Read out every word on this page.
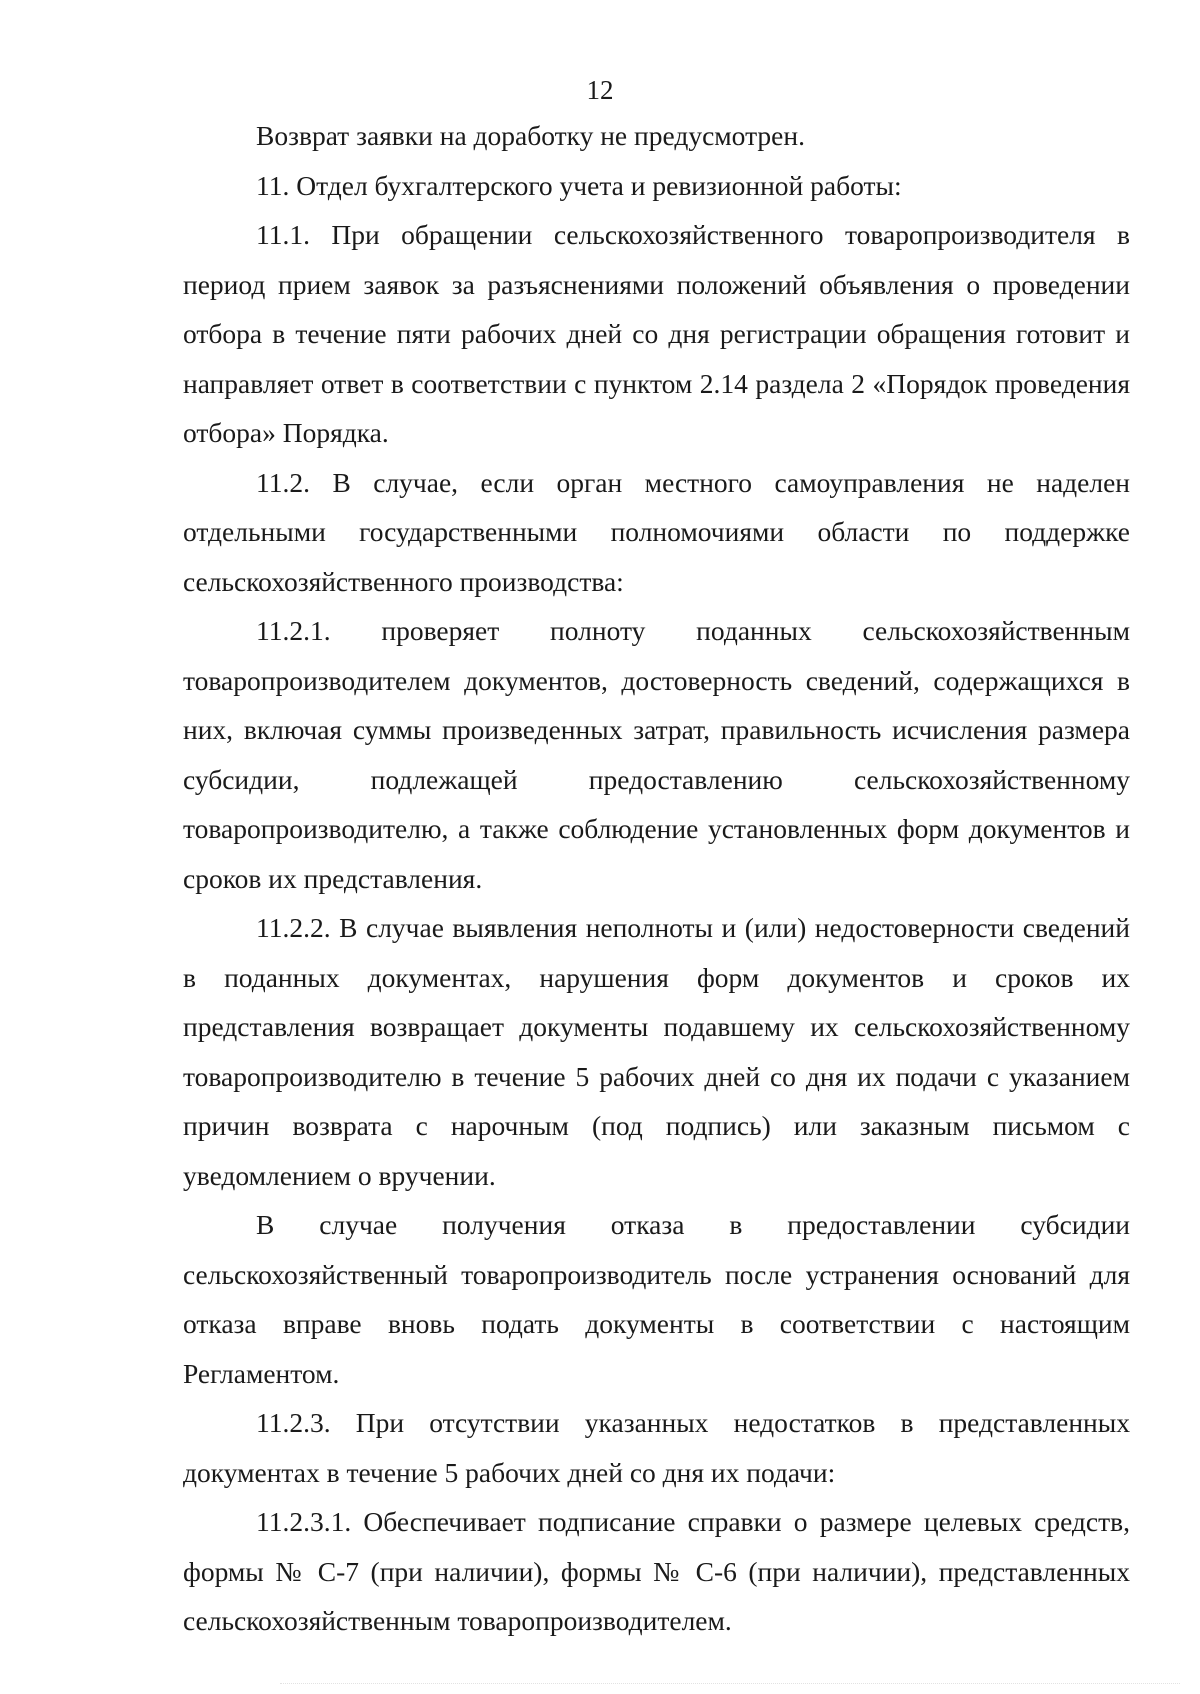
12

Возврат заявки на доработку не предусмотрен.

11. Отдел бухгалтерского учета и ревизионной работы:

11.1. При обращении сельскохозяйственного товаропроизводителя в период прием заявок за разъяснениями положений объявления о проведении отбора в течение пяти рабочих дней со дня регистрации обращения готовит и направляет ответ в соответствии с пунктом 2.14 раздела 2 «Порядок проведения отбора» Порядка.

11.2. В случае, если орган местного самоуправления не наделен отдельными государственными полномочиями области по поддержке сельскохозяйственного производства:

11.2.1. проверяет полноту поданных сельскохозяйственным товаропроизводителем документов, достоверность сведений, содержащихся в них, включая суммы произведенных затрат, правильность исчисления размера субсидии, подлежащей предоставлению сельскохозяйственному товаропроизводителю, а также соблюдение установленных форм документов и сроков их представления.

11.2.2. В случае выявления неполноты и (или) недостоверности сведений в поданных документах, нарушения форм документов и сроков их представления возвращает документы подавшему их сельскохозяйственному товаропроизводителю в течение 5 рабочих дней со дня их подачи с указанием причин возврата с нарочным (под подпись) или заказным письмом с уведомлением о вручении.

В случае получения отказа в предоставлении субсидии сельскохозяйственный товаропроизводитель после устранения оснований для отказа вправе вновь подать документы в соответствии с настоящим Регламентом.

11.2.3. При отсутствии указанных недостатков в представленных документах в течение 5 рабочих дней со дня их подачи:

11.2.3.1. Обеспечивает подписание справки о размере целевых средств, формы № С-7 (при наличии), формы № С-6 (при наличии), представленных сельскохозяйственным товаропроизводителем.
